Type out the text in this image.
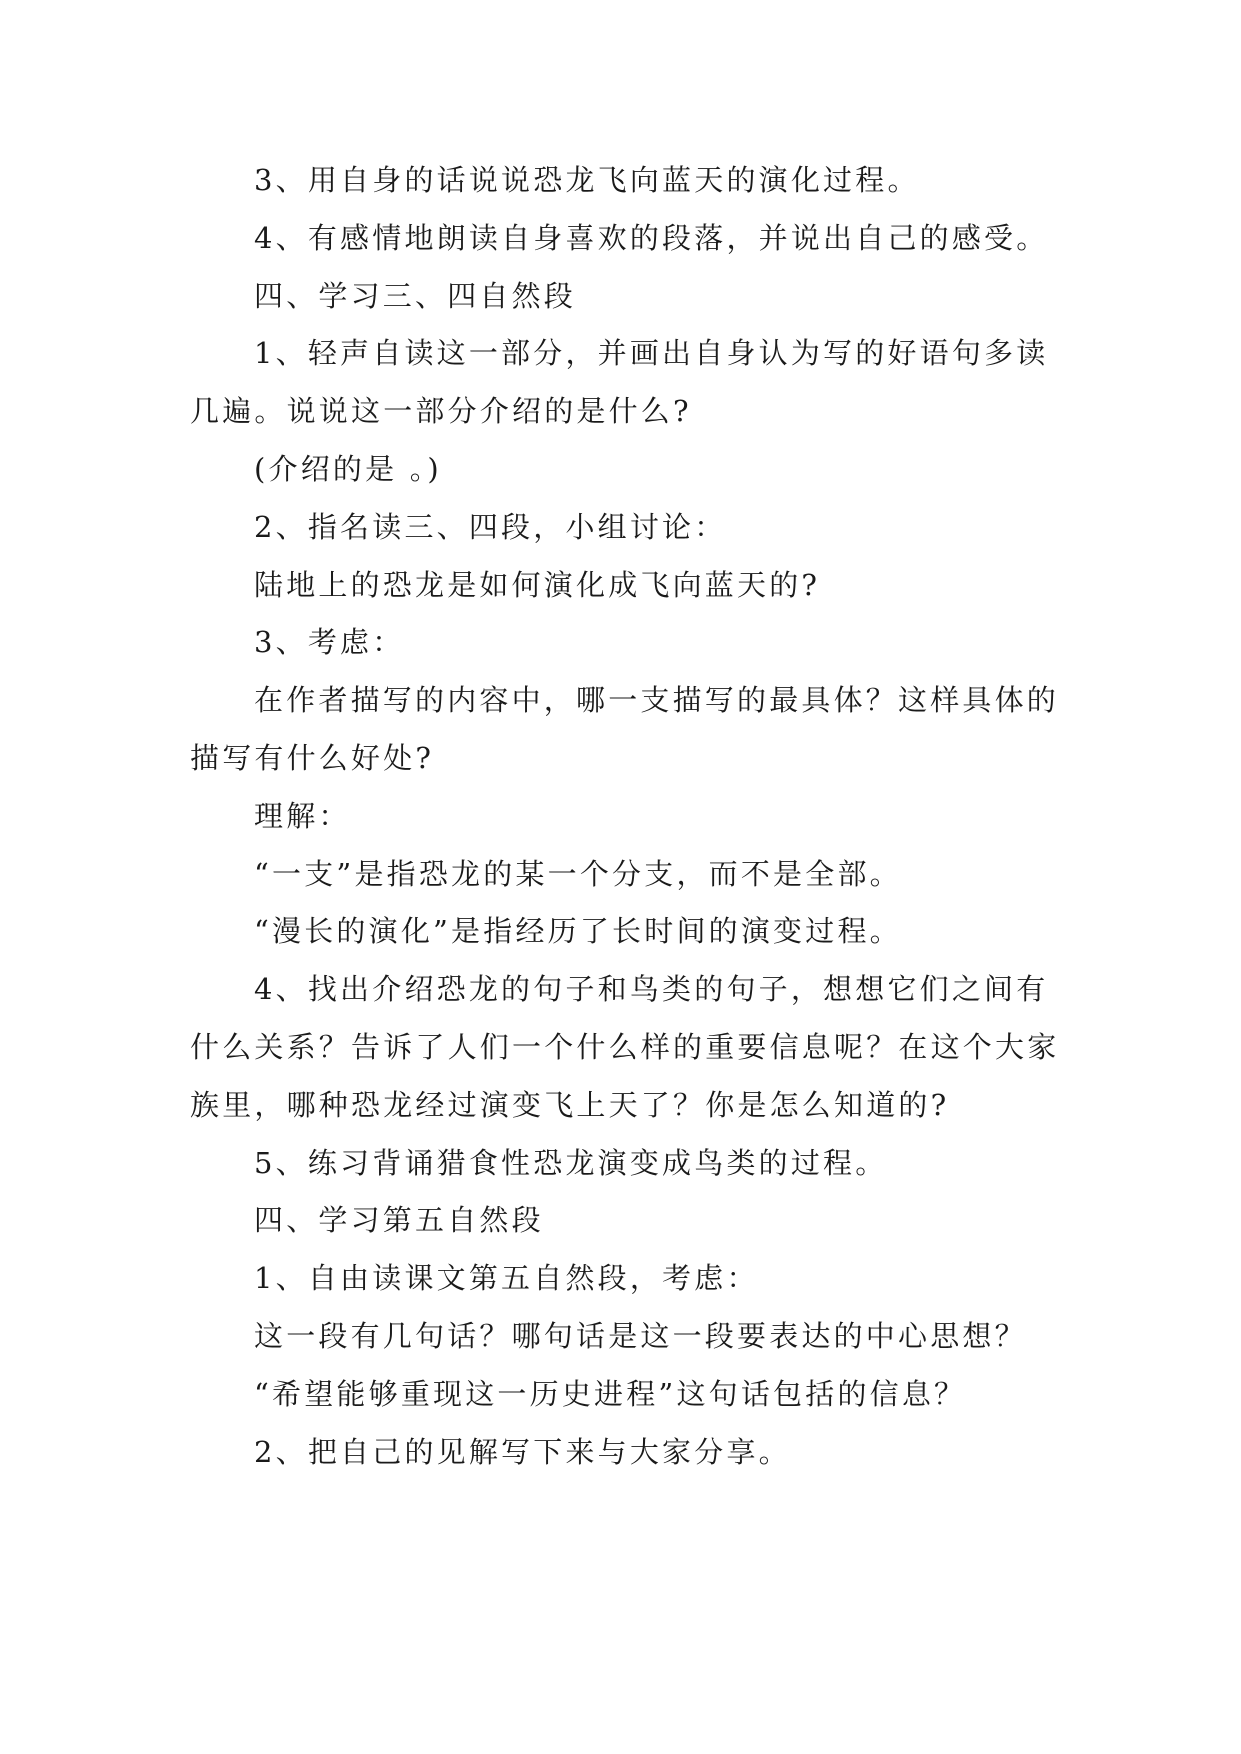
3、用自身的话说说恐龙飞向蓝天的演化过程。

4、有感情地朗读自身喜欢的段落，并说出自己的感受。

四、学习三、四自然段

1、轻声自读这一部分，并画出自身认为写的好语句多读几遍。说说这一部分介绍的是什么?

(介绍的是 。)

2、指名读三、四段，小组讨论：

陆地上的恐龙是如何演化成飞向蓝天的?

3、考虑：

在作者描写的内容中，哪一支描写的最具体？这样具体的描写有什么好处?

理解：

“一支”是指恐龙的某一个分支，而不是全部。

“漫长的演化”是指经历了长时间的演变过程。

4、找出介绍恐龙的句子和鸟类的句子，想想它们之间有什么关系？告诉了人们一个什么样的重要信息呢？在这个大家族里，哪种恐龙经过演变飞上天了？你是怎么知道的?

5、练习背诵猎食性恐龙演变成鸟类的过程。

四、学习第五自然段

1、自由读课文第五自然段，考虑：

这一段有几句话？哪句话是这一段要表达的中心思想？

“希望能够重现这一历史进程”这句话包括的信息？

2、把自己的见解写下来与大家分享。
